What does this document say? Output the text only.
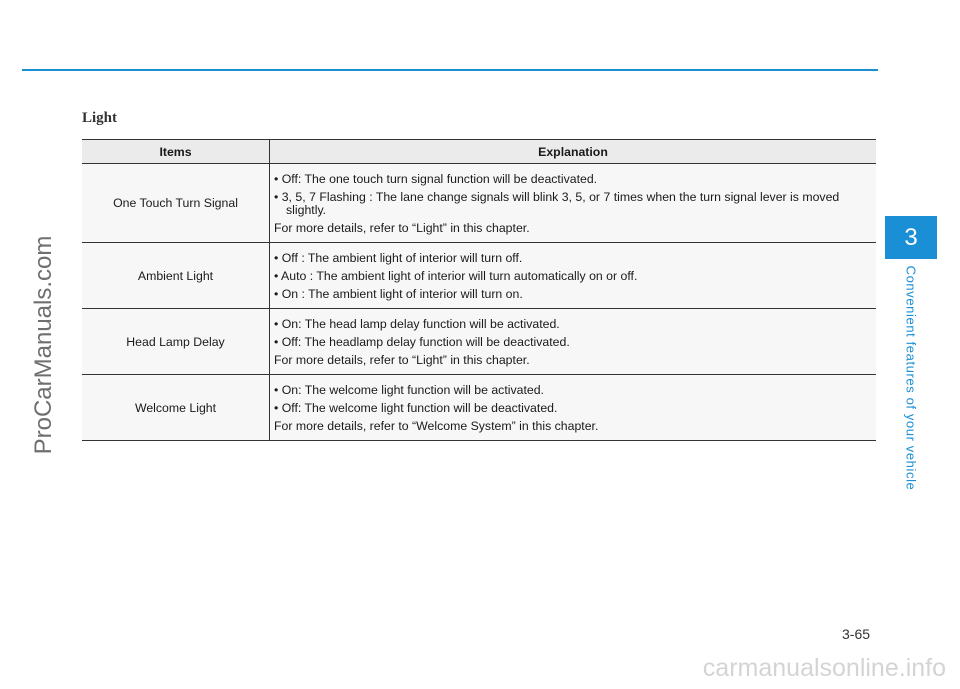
Light
Items	Explanation
One Touch Turn Signal	• Off: The one touch turn signal function will be deactivated.
• 3, 5, 7 Flashing : The lane change signals will blink 3, 5, or 7 times when the turn signal lever is moved slightly.
For more details, refer to “Light” in this chapter.

Ambient Light	• Off : The ambient light of interior will turn off.
• Auto : The ambient light of interior will turn automatically on or off.
• On : The ambient light of interior will turn on.

Head Lamp Delay	• On: The head lamp delay function will be activated.
• Off: The headlamp delay function will be deactivated.
For more details, refer to “Light” in this chapter.

Welcome Light	• On: The welcome light function will be activated.
• Off: The welcome light function will be deactivated.
For more details, refer to “Welcome System” in this chapter.
3
Convenient features of your vehicle
3-65
ProCarManuals.com
carmanualsonline.info
